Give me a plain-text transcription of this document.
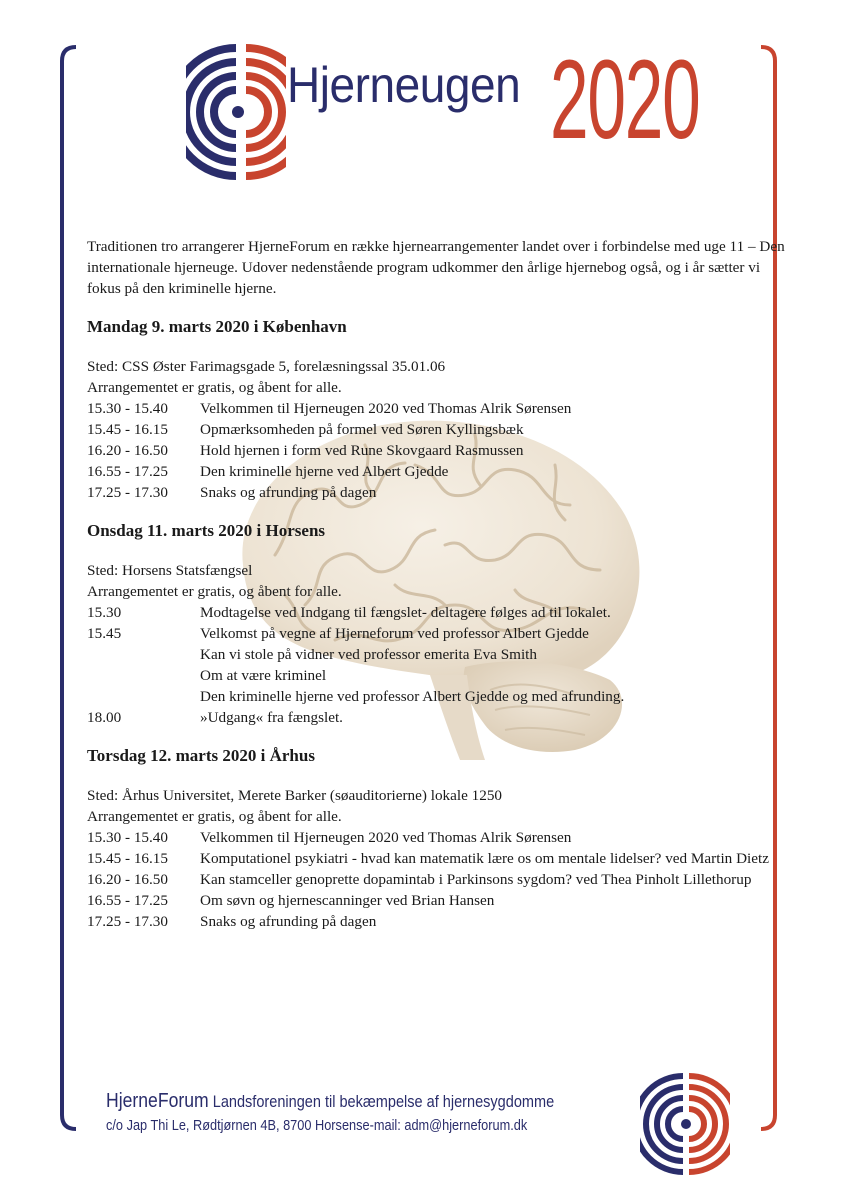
Hjerneugen 2020

Traditionen tro arrangerer HjerneForum en række hjernearrangementer landet over i forbindelse med uge 11 – Den internationale hjerneuge. Udover nedenstående program udkommer den årlige hjernebog også, og i år sætter vi fokus på den kriminelle hjerne.

Mandag 9. marts 2020 i København

Sted: CSS Øster Farimagsgade 5, forelæsningssal 35.01.06

Arrangementet er gratis, og åbent for alle.

15.30 - 15.40	Velkommen til Hjerneugen 2020 ved Thomas Alrik Sørensen
15.45 - 16.15	Opmærksomheden på formel ved Søren Kyllingsbæk
16.20 - 16.50	Hold hjernen i form ved Rune Skovgaard Rasmussen
16.55 - 17.25	Den kriminelle hjerne ved Albert Gjedde
17.25 - 17.30	Snaks og afrunding på dagen
Onsdag 11. marts 2020 i Horsens

Sted: Horsens Statsfængsel

Arrangementet er gratis, og åbent for alle.

15.30	Modtagelse ved Indgang til fængslet- deltagere følges ad til lokalet.
15.45	Velkomst på vegne af Hjerneforum ved professor Albert Gjedde
Kan vi stole på vidner ved professor emerita Eva Smith
Om at være kriminel
Den kriminelle hjerne ved professor Albert Gjedde og med afrunding.
18.00	»Udgang« fra fængslet.
Torsdag 12. marts 2020 i Århus

Sted: Århus Universitet, Merete Barker (søauditorierne) lokale 1250

Arrangementet er gratis, og åbent for alle.

15.30 - 15.40	Velkommen til Hjerneugen 2020 ved Thomas Alrik Sørensen
15.45 - 16.15	Komputationel psykiatri - hvad kan matematik lære os om mentale lidelser? ved Martin Dietz
16.20 - 16.50	Kan stamceller genoprette dopamintab i Parkinsons sygdom? ved Thea Pinholt Lillethorup
16.55 - 17.25	Om søvn og hjernescanninger ved Brian Hansen
17.25 - 17.30	Snaks og afrunding på dagen
HjerneForum Landsforeningen til bekæmpelse af hjernesygdomme
c/o Jap Thi Le, Rødtjørnen 4B, 8700 Horsense-mail: adm@hjerneforum.dk
